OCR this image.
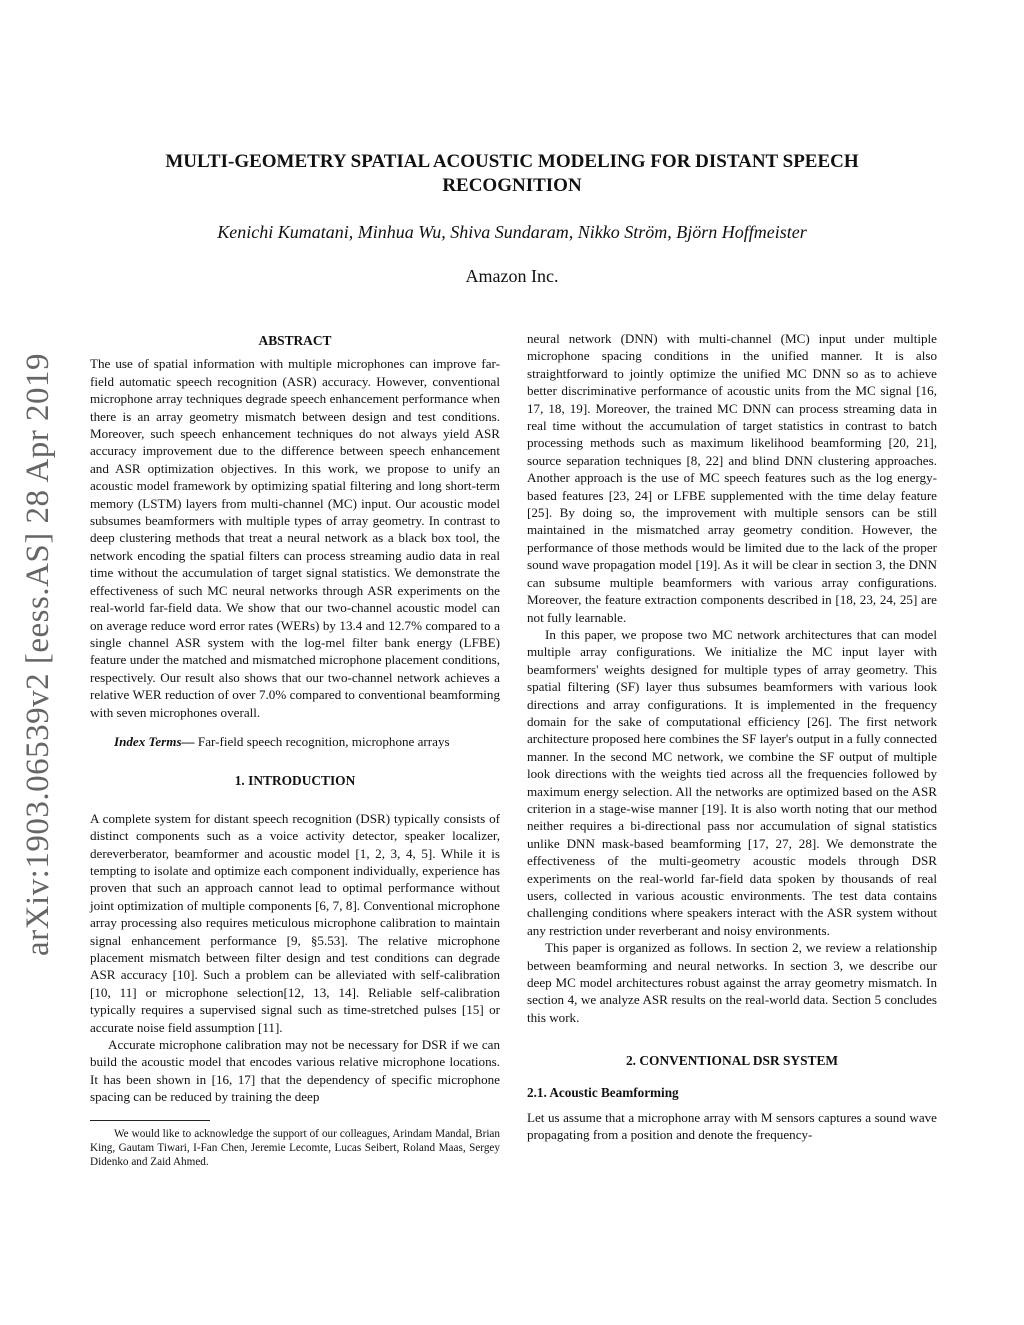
arXiv:1903.06539v2 [eess.AS] 28 Apr 2019
MULTI-GEOMETRY SPATIAL ACOUSTIC MODELING FOR DISTANT SPEECH
RECOGNITION
Kenichi Kumatani, Minhua Wu, Shiva Sundaram, Nikko Ström, Björn Hoffmeister
Amazon Inc.
ABSTRACT

The use of spatial information with multiple microphones can improve far-field automatic speech recognition (ASR) accuracy. However, conventional microphone array techniques degrade speech enhancement performance when there is an array geometry mismatch between design and test conditions. Moreover, such speech enhancement techniques do not always yield ASR accuracy improvement due to the difference between speech enhancement and ASR optimization objectives. In this work, we propose to unify an acoustic model framework by optimizing spatial filtering and long short-term memory (LSTM) layers from multi-channel (MC) input. Our acoustic model subsumes beamformers with multiple types of array geometry. In contrast to deep clustering methods that treat a neural network as a black box tool, the network encoding the spatial filters can process streaming audio data in real time without the accumulation of target signal statistics. We demonstrate the effectiveness of such MC neural networks through ASR experiments on the real-world far-field data. We show that our two-channel acoustic model can on average reduce word error rates (WERs) by 13.4 and 12.7% compared to a single channel ASR system with the log-mel filter bank energy (LFBE) feature under the matched and mismatched microphone placement conditions, respectively. Our result also shows that our two-channel network achieves a relative WER reduction of over 7.0% compared to conventional beamforming with seven microphones overall.

Index Terms— Far-field speech recognition, microphone arrays

1. INTRODUCTION

A complete system for distant speech recognition (DSR) typically consists of distinct components such as a voice activity detector, speaker localizer, dereverberator, beamformer and acoustic model [1, 2, 3, 4, 5]. While it is tempting to isolate and optimize each component individually, experience has proven that such an approach cannot lead to optimal performance without joint optimization of multiple components [6, 7, 8]. Conventional microphone array processing also requires meticulous microphone calibration to maintain signal enhancement performance [9, §5.53]. The relative microphone placement mismatch between filter design and test conditions can degrade ASR accuracy [10]. Such a problem can be alleviated with self-calibration [10, 11] or microphone selection[12, 13, 14]. Reliable self-calibration typically requires a supervised signal such as time-stretched pulses [15] or accurate noise field assumption [11].

Accurate microphone calibration may not be necessary for DSR if we can build the acoustic model that encodes various relative microphone locations. It has been shown in [16, 17] that the dependency of specific microphone spacing can be reduced by training the deep

We would like to acknowledge the support of our colleagues, Arindam Mandal, Brian King, Gautam Tiwari, I-Fan Chen, Jeremie Lecomte, Lucas Seibert, Roland Maas, Sergey Didenko and Zaid Ahmed.

neural network (DNN) with multi-channel (MC) input under multiple microphone spacing conditions in the unified manner. It is also straightforward to jointly optimize the unified MC DNN so as to achieve better discriminative performance of acoustic units from the MC signal [16, 17, 18, 19]. Moreover, the trained MC DNN can process streaming data in real time without the accumulation of target statistics in contrast to batch processing methods such as maximum likelihood beamforming [20, 21], source separation techniques [8, 22] and blind DNN clustering approaches. Another approach is the use of MC speech features such as the log energy-based features [23, 24] or LFBE supplemented with the time delay feature [25]. By doing so, the improvement with multiple sensors can be still maintained in the mismatched array geometry condition. However, the performance of those methods would be limited due to the lack of the proper sound wave propagation model [19]. As it will be clear in section 3, the DNN can subsume multiple beamformers with various array configurations. Moreover, the feature extraction components described in [18, 23, 24, 25] are not fully learnable.

In this paper, we propose two MC network architectures that can model multiple array configurations. We initialize the MC input layer with beamformers' weights designed for multiple types of array geometry. This spatial filtering (SF) layer thus subsumes beamformers with various look directions and array configurations. It is implemented in the frequency domain for the sake of computational efficiency [26]. The first network architecture proposed here combines the SF layer's output in a fully connected manner. In the second MC network, we combine the SF output of multiple look directions with the weights tied across all the frequencies followed by maximum energy selection. All the networks are optimized based on the ASR criterion in a stage-wise manner [19]. It is also worth noting that our method neither requires a bi-directional pass nor accumulation of signal statistics unlike DNN mask-based beamforming [17, 27, 28]. We demonstrate the effectiveness of the multi-geometry acoustic models through DSR experiments on the real-world far-field data spoken by thousands of real users, collected in various acoustic environments. The test data contains challenging conditions where speakers interact with the ASR system without any restriction under reverberant and noisy environments.

This paper is organized as follows. In section 2, we review a relationship between beamforming and neural networks. In section 3, we describe our deep MC model architectures robust against the array geometry mismatch. In section 4, we analyze ASR results on the real-world data. Section 5 concludes this work.

2. CONVENTIONAL DSR SYSTEM
2.1. Acoustic Beamforming

Let us assume that a microphone array with M sensors captures a sound wave propagating from a position and denote the frequency-
